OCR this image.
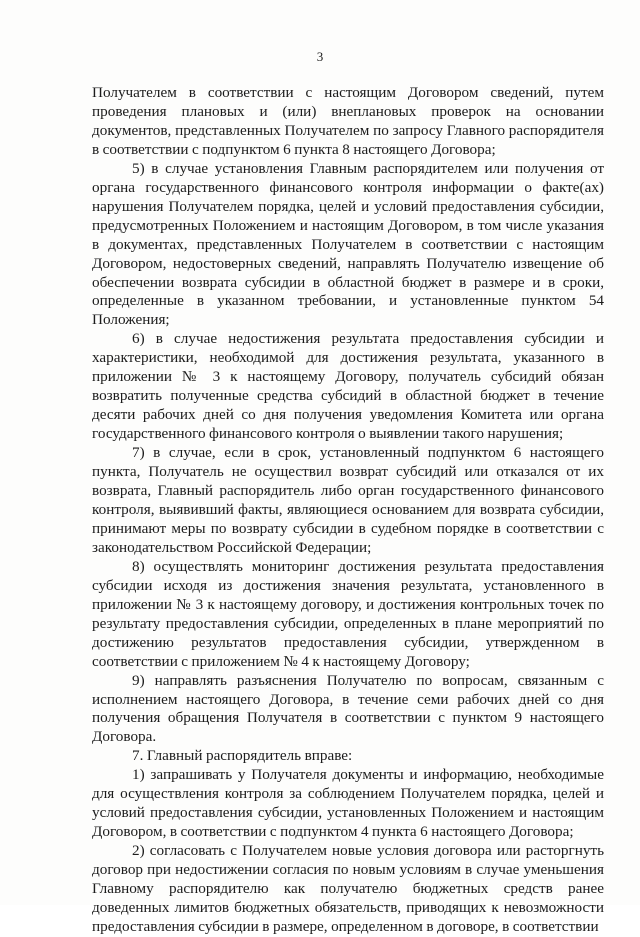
3

Получателем в соответствии с настоящим Договором сведений, путем проведения плановых и (или) внеплановых проверок на основании документов, представленных Получателем по запросу Главного распорядителя в соответствии с подпунктом 6 пункта 8 настоящего Договора;

5) в случае установления Главным распорядителем или получения от органа государственного финансового контроля информации о факте(ах) нарушения Получателем порядка, целей и условий предоставления субсидии, предусмотренных Положением и настоящим Договором, в том числе указания в документах, представленных Получателем в соответствии с настоящим Договором, недостоверных сведений, направлять Получателю извещение об обеспечении возврата субсидии в областной бюджет в размере и в сроки, определенные в указанном требовании, и установленные пунктом 54 Положения;

6) в случае недостижения результата предоставления субсидии и характеристики, необходимой для достижения результата, указанного в приложении № 3 к настоящему Договору, получатель субсидий обязан возвратить полученные средства субсидий в областной бюджет в течение десяти рабочих дней со дня получения уведомления Комитета или органа государственного финансового контроля о выявлении такого нарушения;

7) в случае, если в срок, установленный подпунктом 6 настоящего пункта, Получатель не осуществил возврат субсидий или отказался от их возврата, Главный распорядитель либо орган государственного финансового контроля, выявивший факты, являющиеся основанием для возврата субсидии, принимают меры по возврату субсидии в судебном порядке в соответствии с законодательством Российской Федерации;

8) осуществлять мониторинг достижения результата предоставления субсидии исходя из достижения значения результата, установленного в приложении № 3 к настоящему договору, и достижения контрольных точек по результату предоставления субсидии, определенных в плане мероприятий по достижению результатов предоставления субсидии, утвержденном в соответствии с приложением № 4 к настоящему Договору;

9) направлять разъяснения Получателю по вопросам, связанным с исполнением настоящего Договора, в течение семи рабочих дней со дня получения обращения Получателя в соответствии с пунктом 9 настоящего Договора.

7. Главный распорядитель вправе:

1) запрашивать у Получателя документы и информацию, необходимые для осуществления контроля за соблюдением Получателем порядка, целей и условий предоставления субсидии, установленных Положением и настоящим Договором, в соответствии с подпунктом 4 пункта 6 настоящего Договора;

2) согласовать с Получателем новые условия договора или расторгнуть договор при недостижении согласия по новым условиям в случае уменьшения Главному распорядителю как получателю бюджетных средств ранее доведенных лимитов бюджетных обязательств, приводящих к невозможности предоставления субсидии в размере, определенном в договоре, в соответствии
